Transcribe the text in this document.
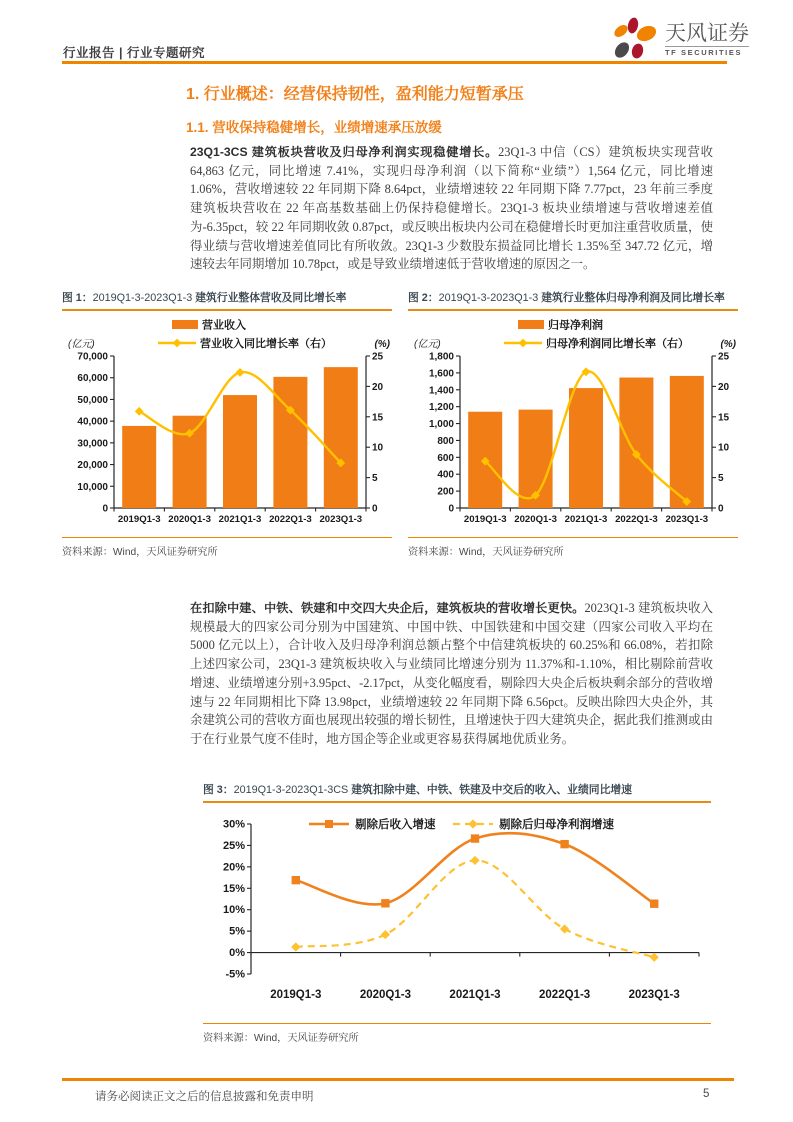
行业报告 | 行业专题研究
天风证券
TF SECURITIES
1. 行业概述：经营保持韧性，盈利能力短暂承压
1.1. 营收保持稳健增长，业绩增速承压放缓

23Q1-3CS 建筑板块营收及归母净利润实现稳健增长。23Q1-3 中信（CS）建筑板块实现营收 64,863 亿元，同比增速 7.41%，实现归母净利润（以下简称“业绩”）1,564 亿元，同比增速 1.06%，营收增速较 22 年同期下降 8.64pct，业绩增速较 22 年同期下降 7.77pct，23 年前三季度建筑板块营收在 22 年高基数基础上仍保持稳健增长。23Q1-3 板块业绩增速与营收增速差值为-6.35pct，较 22 年同期收敛 0.87pct，或反映出板块内公司在稳健增长时更加注重营收质量，使得业绩与营收增速差值同比有所收敛。23Q1-3 少数股东损益同比增长 1.35%至 347.72 亿元，增速较去年同期增加 10.78pct，或是导致业绩增速低于营收增速的原因之一。

图 1：2019Q1-3-2023Q1-3 建筑行业整体营收及同比增长率
0
10,000
20,000
30,000
40,000
50,000
60,000
70,000
0
5
10
15
20
25
2019Q1-3 2020Q1-3 2021Q1-3 2022Q1-3 2023Q1-3
(亿元)	(%)
营业收入
营业收入同比增长率（右）
资料来源：Wind，天风证券研究所
图 2：2019Q1-3-2023Q1-3 建筑行业整体归母净利润及同比增长率
0
200
400
600
800
1,000
1,200
1,400
1,600
1,800
0
5
10
15
20
25
2019Q1-3 2020Q1-3 2021Q1-3 2022Q1-3 2023Q1-3
(亿元)	(%)
归母净利润
归母净利润同比增长率（右）
资料来源：Wind，天风证券研究所

在扣除中建、中铁、铁建和中交四大央企后，建筑板块的营收增长更快。2023Q1-3 建筑板块收入规模最大的四家公司分别为中国建筑、中国中铁、中国铁建和中国交建（四家公司收入平均在 5000 亿元以上），合计收入及归母净利润总额占整个中信建筑板块的 60.25%和 66.08%，若扣除上述四家公司，23Q1-3 建筑板块收入与业绩同比增速分别为 11.37%和-1.10%，相比剔除前营收增速、业绩增速分别+3.95pct、-2.17pct，从变化幅度看，剔除四大央企后板块剩余部分的营收增速与 22 年同期相比下降 13.98pct，业绩增速较 22 年同期下降 6.56pct。反映出除四大央企外，其余建筑公司的营收方面也展现出较强的增长韧性，且增速快于四大建筑央企，据此我们推测或由于在行业景气度不佳时，地方国企等企业或更容易获得属地优质业务。

图 3：2019Q1-3-2023Q1-3CS 建筑扣除中建、中铁、铁建及中交后的收入、业绩同比增速
-5%
0%
5%
10%
15%
20%
25%
30%
2019Q1-3	2020Q1-3	2021Q1-3	2022Q1-3	2023Q1-3
剔除后收入增速	剔除后归母净利润增速
资料来源：Wind，天风证券研究所
请务必阅读正文之后的信息披露和免责申明	5
